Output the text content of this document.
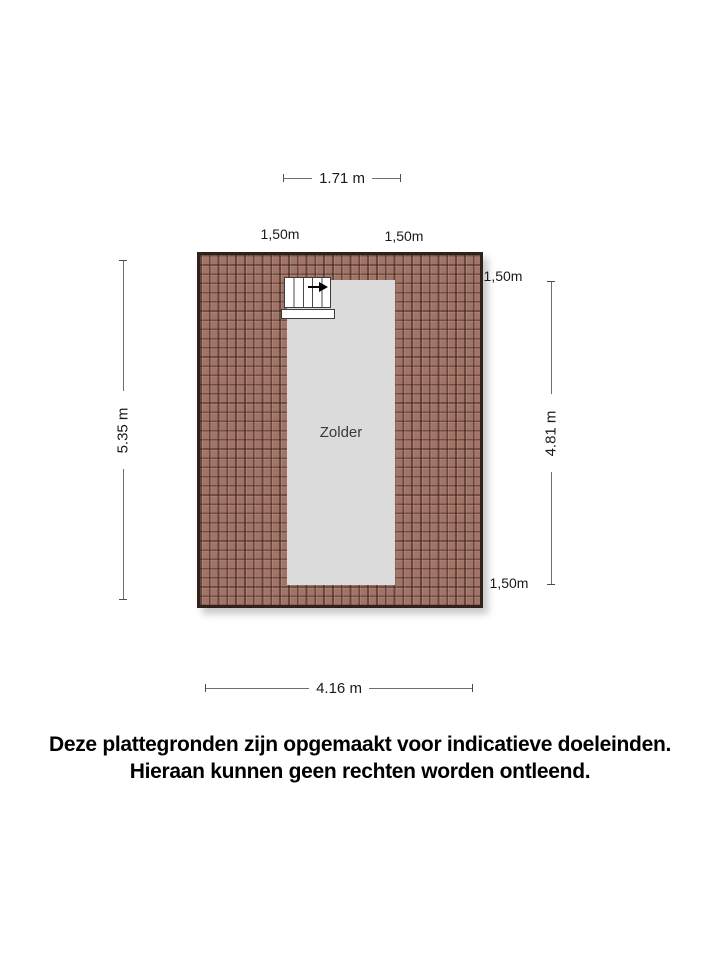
1.71 m
1,50m	1,50m
Zolder
1,50m
1,50m
5.35 m	4.81 m
4.16 m
Deze plattegronden zijn opgemaakt voor indicatieve doeleinden.
Hieraan kunnen geen rechten worden ontleend.
